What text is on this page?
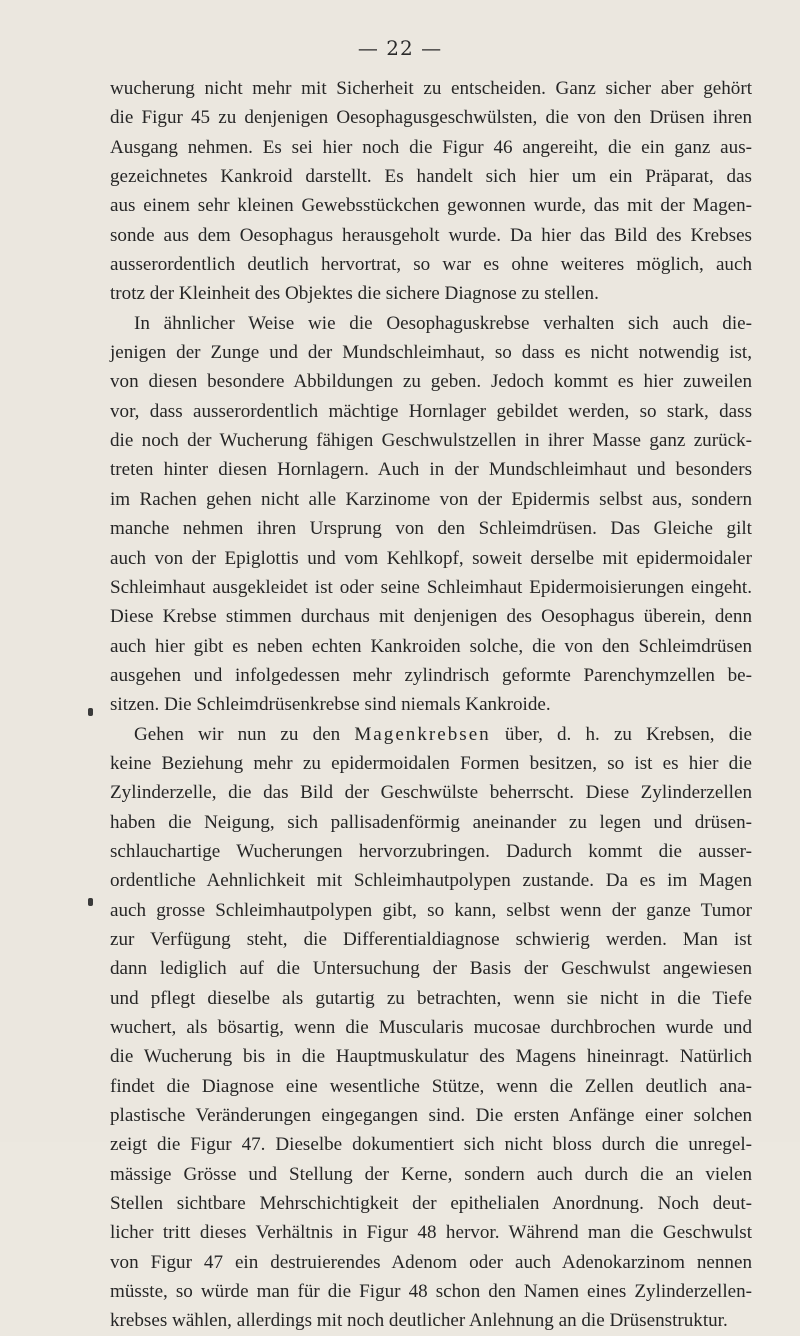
— 22 —
wucherung nicht mehr mit Sicherheit zu entscheiden. Ganz sicher aber gehört
die Figur 45 zu denjenigen Oesophagusgeschwülsten, die von den Drüsen ihren
Ausgang nehmen. Es sei hier noch die Figur 46 angereiht, die ein ganz aus-
gezeichnetes Kankroid darstellt. Es handelt sich hier um ein Präparat, das
aus einem sehr kleinen Gewebsstückchen gewonnen wurde, das mit der Magen-
sonde aus dem Oesophagus herausgeholt wurde. Da hier das Bild des Krebses
ausserordentlich deutlich hervortrat, so war es ohne weiteres möglich, auch
trotz der Kleinheit des Objektes die sichere Diagnose zu stellen.
In ähnlicher Weise wie die Oesophaguskrebse verhalten sich auch die-
jenigen der Zunge und der Mundschleimhaut, so dass es nicht notwendig ist,
von diesen besondere Abbildungen zu geben. Jedoch kommt es hier zuweilen
vor, dass ausserordentlich mächtige Hornlager gebildet werden, so stark, dass
die noch der Wucherung fähigen Geschwulstzellen in ihrer Masse ganz zurück-
treten hinter diesen Hornlagern. Auch in der Mundschleimhaut und besonders
im Rachen gehen nicht alle Karzinome von der Epidermis selbst aus, sondern
manche nehmen ihren Ursprung von den Schleimdrüsen. Das Gleiche gilt
auch von der Epiglottis und vom Kehlkopf, soweit derselbe mit epidermoidaler
Schleimhaut ausgekleidet ist oder seine Schleimhaut Epidermoisierungen eingeht.
Diese Krebse stimmen durchaus mit denjenigen des Oesophagus überein, denn
auch hier gibt es neben echten Kankroiden solche, die von den Schleimdrüsen
ausgehen und infolgedessen mehr zylindrisch geformte Parenchymzellen be-
sitzen. Die Schleimdrüsenkrebse sind niemals Kankroide.
Gehen wir nun zu den Magenkrebsen über, d. h. zu Krebsen, die
keine Beziehung mehr zu epidermoidalen Formen besitzen, so ist es hier die
Zylinderzelle, die das Bild der Geschwülste beherrscht. Diese Zylinderzellen
haben die Neigung, sich pallisadenförmig aneinander zu legen und drüsen-
schlauchartige Wucherungen hervorzubringen. Dadurch kommt die ausser-
ordentliche Aehnlichkeit mit Schleimhautpolypen zustande. Da es im Magen
auch grosse Schleimhautpolypen gibt, so kann, selbst wenn der ganze Tumor
zur Verfügung steht, die Differentialdiagnose schwierig werden. Man ist
dann lediglich auf die Untersuchung der Basis der Geschwulst angewiesen
und pflegt dieselbe als gutartig zu betrachten, wenn sie nicht in die Tiefe
wuchert, als bösartig, wenn die Muscularis mucosae durchbrochen wurde und
die Wucherung bis in die Hauptmuskulatur des Magens hineinragt. Natürlich
findet die Diagnose eine wesentliche Stütze, wenn die Zellen deutlich ana-
plastische Veränderungen eingegangen sind. Die ersten Anfänge einer solchen
zeigt die Figur 47. Dieselbe dokumentiert sich nicht bloss durch die unregel-
mässige Grösse und Stellung der Kerne, sondern auch durch die an vielen
Stellen sichtbare Mehrschichtigkeit der epithelialen Anordnung. Noch deut-
licher tritt dieses Verhältnis in Figur 48 hervor. Während man die Geschwulst
von Figur 47 ein destruierendes Adenom oder auch Adenokarzinom nennen
müsste, so würde man für die Figur 48 schon den Namen eines Zylinderzellen-
krebses wählen, allerdings mit noch deutlicher Anlehnung an die Drüsenstruktur.
